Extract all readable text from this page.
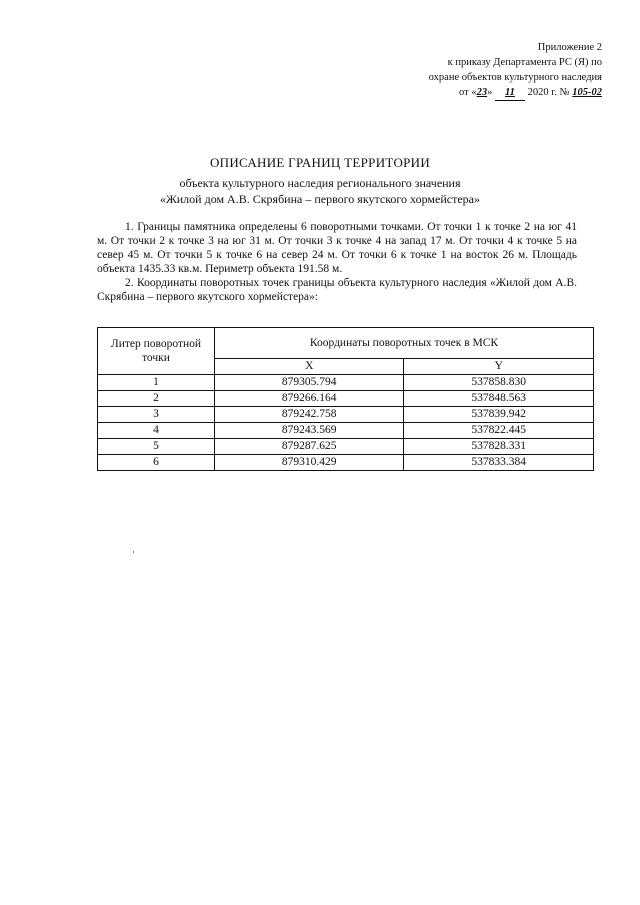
Приложение 2
к приказу Департамента РС (Я) по
охране объектов культурного наследия
от «23» 11 2020 г. № 105-02
ОПИСАНИЕ ГРАНИЦ ТЕРРИТОРИИ
объекта культурного наследия регионального значения
«Жилой дом А.В. Скрябина – первого якутского хормейстера»

1. Границы памятника определены 6 поворотными точками. От точки 1 к точке 2 на юг 41 м. От точки 2 к точке 3 на юг 31 м. От точки 3 к точке 4 на запад 17 м. От точки 4 к точке 5 на север 45 м. От точки 5 к точке 6 на север 24 м. От точки 6 к точке 1 на восток 26 м. Площадь объекта 1435.33 кв.м. Периметр объекта 191.58 м.

2. Координаты поворотных точек границы объекта культурного наследия «Жилой дом А.В. Скрябина – первого якутского хормейстера»:

Литер поворотной точки	Координаты поворотных точек в МСК	
	X	Y
1	879305.794	537858.830
2	879266.164	537848.563
3	879242.758	537839.942
4	879243.569	537822.445
5	879287.625	537828.331
6	879310.429	537833.384
